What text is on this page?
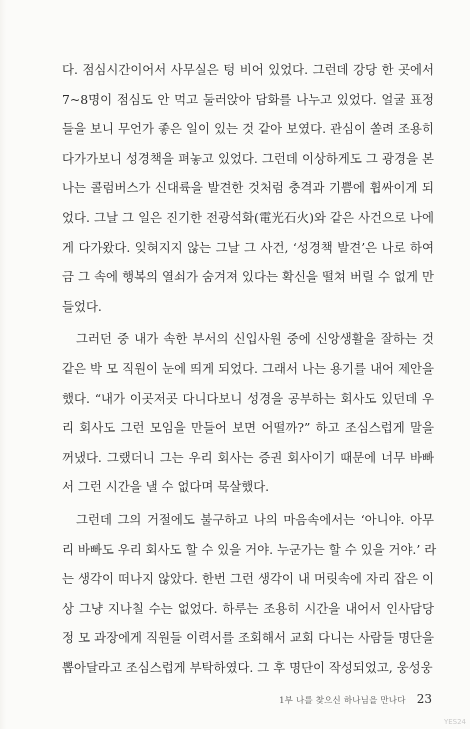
다. 점심시간이어서 사무실은 텅 비어 있었다. 그런데 강당 한 곳에서
7~8명이 점심도 안 먹고 둘러앉아 담화를 나누고 있었다. 얼굴 표정
들을 보니 무언가 좋은 일이 있는 것 같아 보였다. 관심이 쏠려 조용히
다가가보니 성경책을 펴놓고 있었다. 그런데 이상하게도 그 광경을 본
나는 콜럼버스가 신대륙을 발견한 것처럼 충격과 기쁨에 휩싸이게 되
었다. 그날 그 일은 진기한 전광석화(電光石火)와 같은 사건으로 나에
게 다가왔다. 잊혀지지 않는 그날 그 사건, ‘성경책 발견’은 나로 하여
금 그 속에 행복의 열쇠가 숨겨져 있다는 확신을 떨쳐 버릴 수 없게 만
들었다.
그러던 중 내가 속한 부서의 신입사원 중에 신앙생활을 잘하는 것
같은 박 모 직원이 눈에 띄게 되었다. 그래서 나는 용기를 내어 제안을
했다. “내가 이곳저곳 다니다보니 성경을 공부하는 회사도 있던데 우
리 회사도 그런 모임을 만들어 보면 어떨까?” 하고 조심스럽게 말을
꺼냈다. 그랬더니 그는 우리 회사는 증권 회사이기 때문에 너무 바빠
서 그런 시간을 낼 수 없다며 묵살했다.
그런데 그의 거절에도 불구하고 나의 마음속에서는 ‘아니야. 아무
리 바빠도 우리 회사도 할 수 있을 거야. 누군가는 할 수 있을 거야.’ 라
는 생각이 떠나지 않았다. 한번 그런 생각이 내 머릿속에 자리 잡은 이
상 그냥 지나칠 수는 없었다. 하루는 조용히 시간을 내어서 인사담당
정 모 과장에게 직원들 이력서를 조회해서 교회 다니는 사람들 명단을
뽑아달라고 조심스럽게 부탁하였다. 그 후 명단이 작성되었고, 웅성웅
1부 나를 찾으신 하나님을 만나다 23
YES24
